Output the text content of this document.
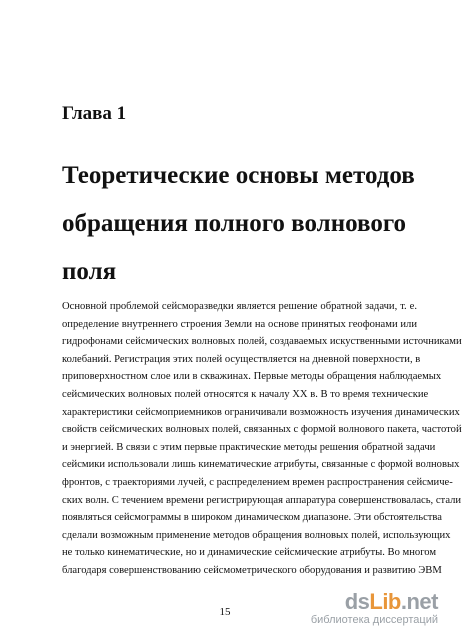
Глава 1
Теоретические основы методов
обращения полного волнового
поля
Основной проблемой сейсморазведки является решение обратной задачи, т. е.
определение внутреннего строения Земли на основе принятых геофонами или
гидрофонами сейсмических волновых полей, создаваемых искуственными источниками
колебаний. Регистрация этих полей осуществляется на дневной поверхности, в
приповерхностном слое или в скважинах. Первые методы обращения наблюдаемых
сейсмических волновых полей относятся к началу XX в. В то время технические
характеристики сейсмоприемников ограничивали возможность изучения динамических
свойств сейсмических волновых полей, связанных с формой волнового пакета, частотой
и энергией. В связи с этим первые практические методы решения обратной задачи
сейсмики использовали лишь кинематические атрибуты, связанные с формой волновых
фронтов, с траекториями лучей, с распределением времен распространения сейсмиче-
ских волн. С течением времени регистрирующая аппаратура совершенствовалась, стали
появляться сейсмограммы в широком динамическом диапазоне. Эти обстоятельства
сделали возможным применение методов обращения волновых полей, использующих
не только кинематические, но и динамические сейсмические атрибуты. Во многом
благодаря совершенствованию сейсмометрического оборудования и развитию ЭВМ
15	dsLib.net
библиотека диссертаций
